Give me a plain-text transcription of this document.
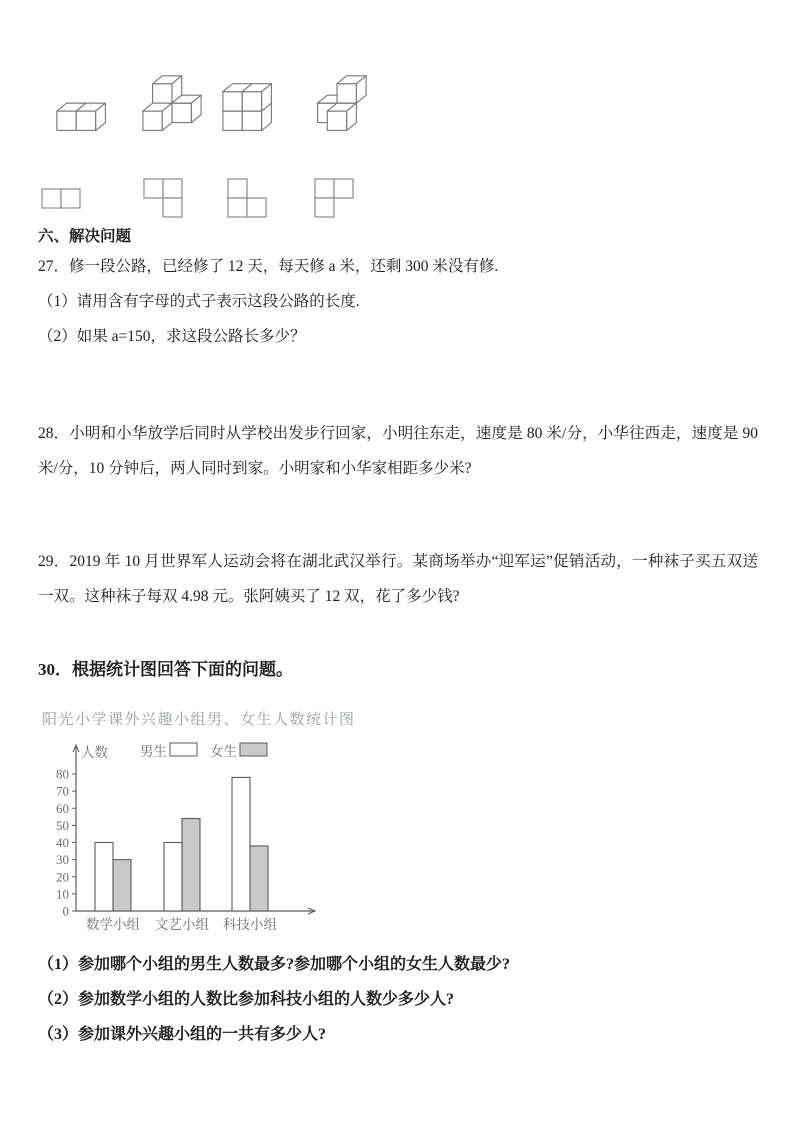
六、解决问题

27．修一段公路，已经修了 12 天，每天修 a 米，还剩 300 米没有修.

（1）请用含有字母的式子表示这段公路的长度.

（2）如果 a=150，求这段公路长多少？

28．小明和小华放学后同时从学校出发步行回家，小明往东走，速度是 80 米/分，小华往西走，速度是 90 米/分，10 分钟后，两人同时到家。小明家和小华家相距多少米?

29．2019 年 10 月世界军人运动会将在湖北武汉举行。某商场举办“迎军运”促销活动，一种袜子买五双送一双。这种袜子每双 4.98 元。张阿姨买了 12 双，花了多少钱?

30．根据统计图回答下面的问题。

阳光小学课外兴趣小组男、女生人数统计图
0
10
20
30
40
50
60
70
80
人数 男生	女生
数学小组 文艺小组 科技小组

（1）参加哪个小组的男生人数最多?参加哪个小组的女生人数最少?

（2）参加数学小组的人数比参加科技小组的人数少多少人?

（3）参加课外兴趣小组的一共有多少人?
